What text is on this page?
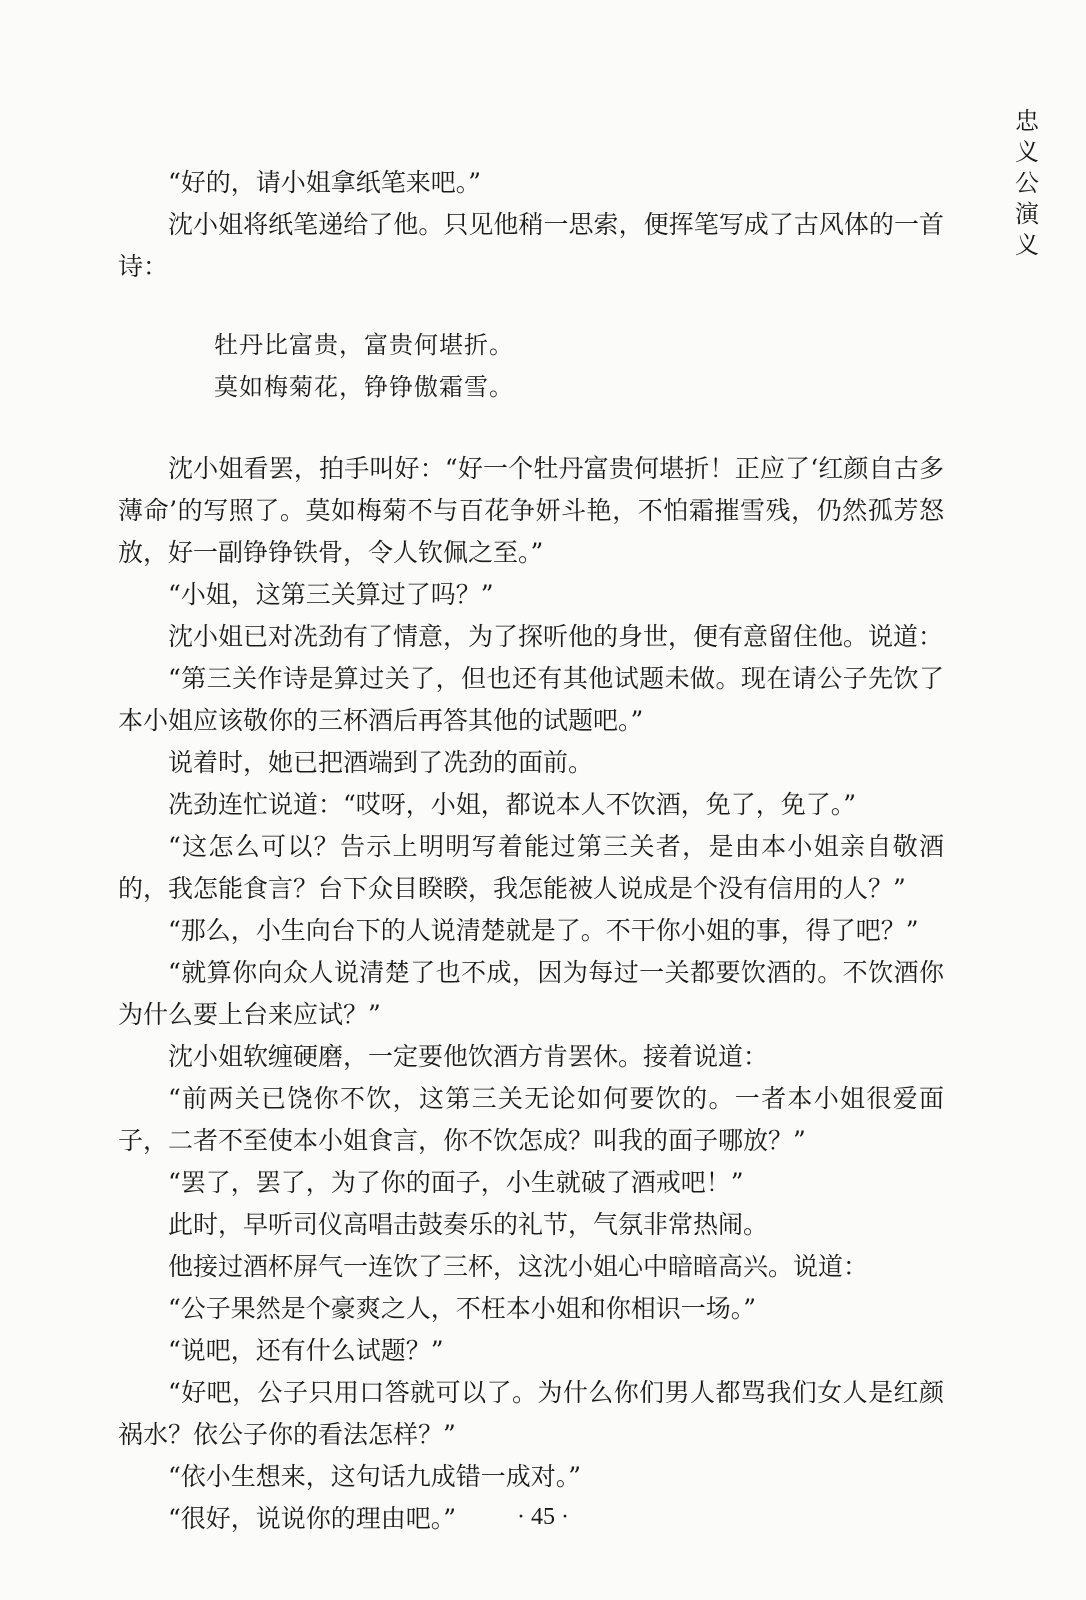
忠
义
公
演
义

“好的，请小姐拿纸笔来吧。”

沈小姐将纸笔递给了他。只见他稍一思索，便挥笔写成了古风体的一首诗：

牡丹比富贵，富贵何堪折。
莫如梅菊花，铮铮傲霜雪。

沈小姐看罢，拍手叫好：“好一个牡丹富贵何堪折！正应了‘红颜自古多薄命’的写照了。莫如梅菊不与百花争妍斗艳，不怕霜摧雪残，仍然孤芳怒放，好一副铮铮铁骨，令人钦佩之至。”

“小姐，这第三关算过了吗？”

沈小姐已对冼劲有了情意，为了探听他的身世，便有意留住他。说道：

“第三关作诗是算过关了，但也还有其他试题未做。现在请公子先饮了本小姐应该敬你的三杯酒后再答其他的试题吧。”

说着时，她已把酒端到了冼劲的面前。

冼劲连忙说道：“哎呀，小姐，都说本人不饮酒，免了，免了。”

“这怎么可以？告示上明明写着能过第三关者，是由本小姐亲自敬酒的，我怎能食言？台下众目睽睽，我怎能被人说成是个没有信用的人？”

“那么，小生向台下的人说清楚就是了。不干你小姐的事，得了吧？”

“就算你向众人说清楚了也不成，因为每过一关都要饮酒的。不饮酒你为什么要上台来应试？”

沈小姐软缠硬磨，一定要他饮酒方肯罢休。接着说道：

“前两关已饶你不饮，这第三关无论如何要饮的。一者本小姐很爱面子，二者不至使本小姐食言，你不饮怎成？叫我的面子哪放？”

“罢了，罢了，为了你的面子，小生就破了酒戒吧！”

此时，早听司仪高唱击鼓奏乐的礼节，气氛非常热闹。

他接过酒杯屏气一连饮了三杯，这沈小姐心中暗暗高兴。说道：

“公子果然是个豪爽之人，不枉本小姐和你相识一场。”

“说吧，还有什么试题？”

“好吧，公子只用口答就可以了。为什么你们男人都骂我们女人是红颜祸水？依公子你的看法怎样？”

“依小生想来，这句话九成错一成对。”

“很好，说说你的理由吧。”	· 45 ·
